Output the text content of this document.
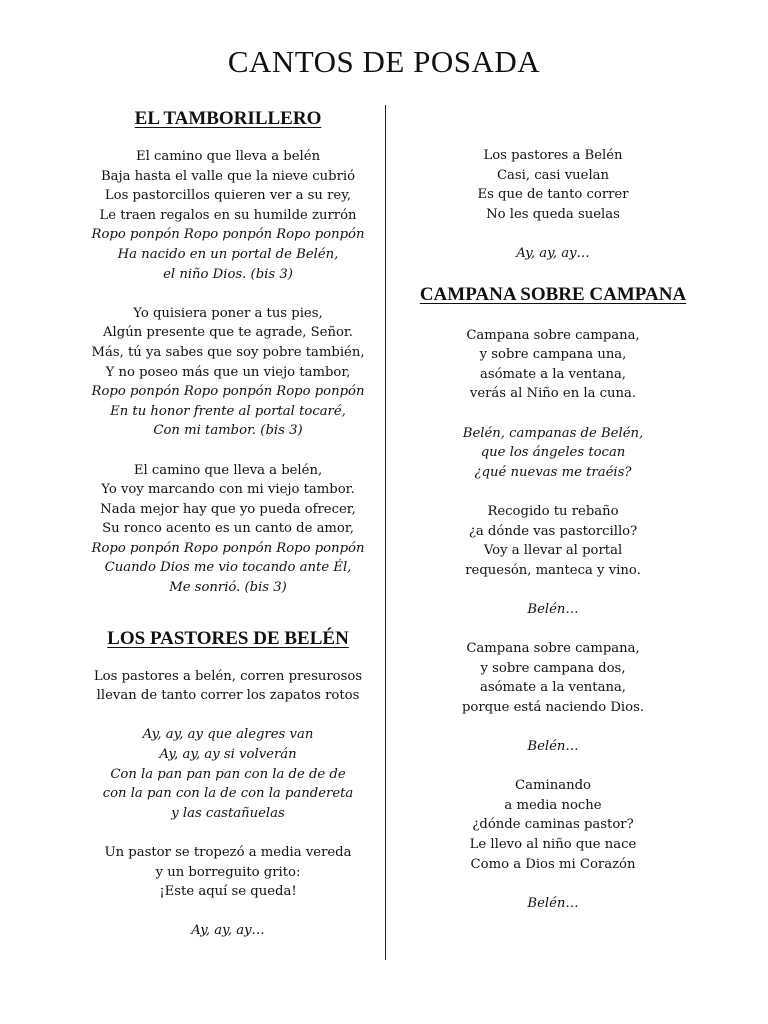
CANTOS DE POSADA
EL TAMBORILLERO
El camino que lleva a belén
Baja hasta el valle que la nieve cubrió
Los pastorcillos quieren ver a su rey,
Le traen regalos en su humilde zurrón
Ropo ponpón Ropo ponpón Ropo ponpón
Ha nacido en un portal de Belén,
el niño Dios. (bis 3)
Yo quisiera poner a tus pies,
Algún presente que te agrade, Señor.
Más, tú ya sabes que soy pobre también,
Y no poseo más que un viejo tambor,
Ropo ponpón Ropo ponpón Ropo ponpón
En tu honor frente al portal tocaré,
Con mi tambor. (bis 3)
El camino que lleva a belén,
Yo voy marcando con mi viejo tambor.
Nada mejor hay que yo pueda ofrecer,
Su ronco acento es un canto de amor,
Ropo ponpón Ropo ponpón Ropo ponpón
Cuando Dios me vio tocando ante Él,
Me sonrió. (bis 3)
LOS PASTORES DE BELÉN
Los pastores a belén, corren presurosos
llevan de tanto correr los zapatos rotos
Ay, ay, ay que alegres van
Ay, ay, ay si volverán
Con la pan pan pan con la de de de
con la pan con la de con la pandereta
y las castañuelas
Un pastor se tropezó a media vereda
y un borreguito grito:
¡Este aquí se queda!
Ay, ay, ay…
Los pastores a Belén
Casi, casi vuelan
Es que de tanto correr
No les queda suelas
Ay, ay, ay…
CAMPANA SOBRE CAMPANA
Campana sobre campana,
y sobre campana una,
asómate a la ventana,
verás al Niño en la cuna.
Belén, campanas de Belén,
que los ángeles tocan
¿qué nuevas me traéis?
Recogido tu rebaño
¿a dónde vas pastorcillo?
Voy a llevar al portal
requesón, manteca y vino.
Belén…
Campana sobre campana,
y sobre campana dos,
asómate a la ventana,
porque está naciendo Dios.
Belén…
Caminando
a media noche
¿dónde caminas pastor?
Le llevo al niño que nace
Como a Dios mi Corazón
Belén…
